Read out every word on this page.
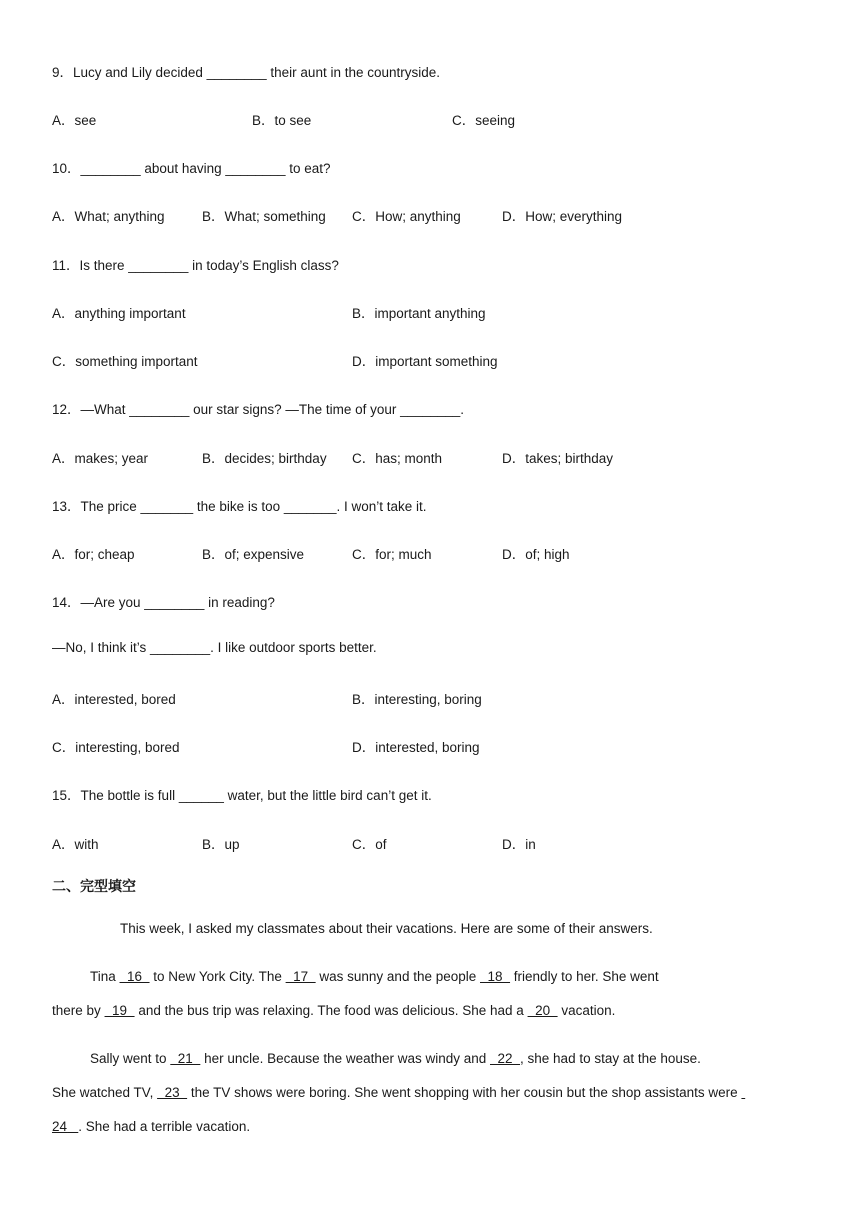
9．Lucy and Lily decided ________ their aunt in the countryside.
A．see	B．to see	C．seeing
10．________ about having ________ to eat?
A．What; anything	B．What; something C．How; anything	D．How; everything
11．Is there ________ in today’s English class?
A．anything important	B．important anything
C．something important	D．important something
12．—What ________ our star signs? —The time of your ________.
A．makes; year	B．decides; birthday C．has; month	D．takes; birthday
13．The price _______ the bike is too _______. I won’t take it.
A．for; cheap	B．of; expensive	C．for; much	D．of; high
14．—Are you ________ in reading?
—No, I think it’s ________. I like outdoor sports better.
A．interested, bored	B．interesting, boring
C．interesting, bored	D．interested, boring
15．The bottle is full ______ water, but the little bird can’t get it.
A．with	B．up	C．of	D．in
二、完型填空
This week, I asked my classmates about their vacations. Here are some of their answers.
Tina   16   to New York City. The   17   was sunny and the people   18   friendly to her. She went
there by   19   and the bus trip was relaxing. The food was delicious. She had a   20   vacation.
Sally went to   21   her uncle. Because the weather was windy and   22  , she had to stay at the house.
She watched TV,   23   the TV shows were boring. She went shopping with her cousin but the shop assistants were
24 . She had a terrible vacation.
